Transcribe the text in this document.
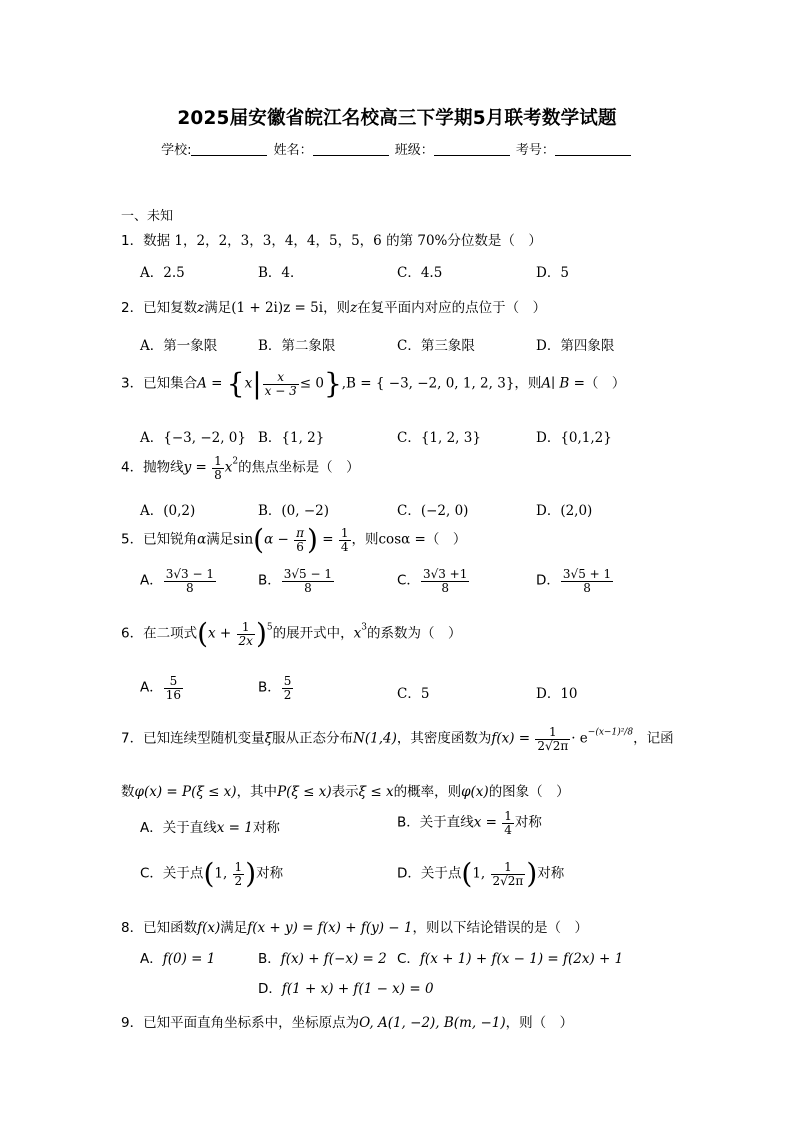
2025届安徽省皖江名校高三下学期5月联考数学试题
学校:	姓名：	班级：	考号：
一、未知
1．数据 1，2，2，3，3，4，4，5，5，6 的第 70%分位数是（　）
A．2.5	B．4．	C．4.5	D．5
2．已知复数z满足(1 + 2i)z = 5i，则z在复平面内对应的点位于（　）
A．第一象限	B．第二象限	C．第三象限	D．第四象限
3．已知集合$A = \{x| \frac{x}{x - 3} \le 0\},B$ = { −3, −2, 0, 1, 2, 3}，则A∣ B =（　）
A．{−3, −2, 0} B．{1, 2}	C．{1, 2, 3}	D．{0,1,2}
4．抛物线$y = \frac{1}{8} x^2$的焦点坐标是（　）
A．(0,2)	B．(0, −2)	C．(−2, 0)	D．(2,0)
5．已知锐角α满足$\sin(\alpha - \frac{\pi}{6}$ ) = $\frac{1}{4}$ ，则cosα =（　）
A． $\frac{3√3 - 1}{8}$	B． $\frac{3√5 - 1}{8}$	C． $\frac{3√3 +1}{8}$	D． $\frac{3√5 + 1}{8}$
6．在二项式$(x + \frac{1}{2x} )^5$的展开式中，$x^3$的系数为（　）
A． $\frac{5}{16}$	B． $\frac{5}{2}$	C．5	D．10
7．已知连续型随机变量ξ服从正态分布N(1,4)，其密度函数为$f(x) = \frac{1}{2√2\pi} \cdot e^{-(x-1)^2/8}$，记函
数φ(x) = P(ξ ≤ x)，其中P(ξ ≤ x)表示ξ ≤ x的概率，则φ(x)的图象（　）
A．关于直线x = 1对称	B．关于直线$x = \frac{1}{4}$ 对称
C．关于点(1, $\frac{1}{2}$ )对称	D．关于点(1, $\frac{1}{2√2\pi}$ )对称
8．已知函数f(x)满足f(x + y) = f(x) + f(y) − 1，则以下结论错误的是（　）
A．f(0) = 1	B．f(x) + f(−x) = 2 C．f(x + 1) + f(x − 1) = f(2x) + 1
D．f(1 + x) + f(1 − x) = 0
9．已知平面直角坐标系中，坐标原点为O, A(1, −2), B(m, −1)，则（　）
